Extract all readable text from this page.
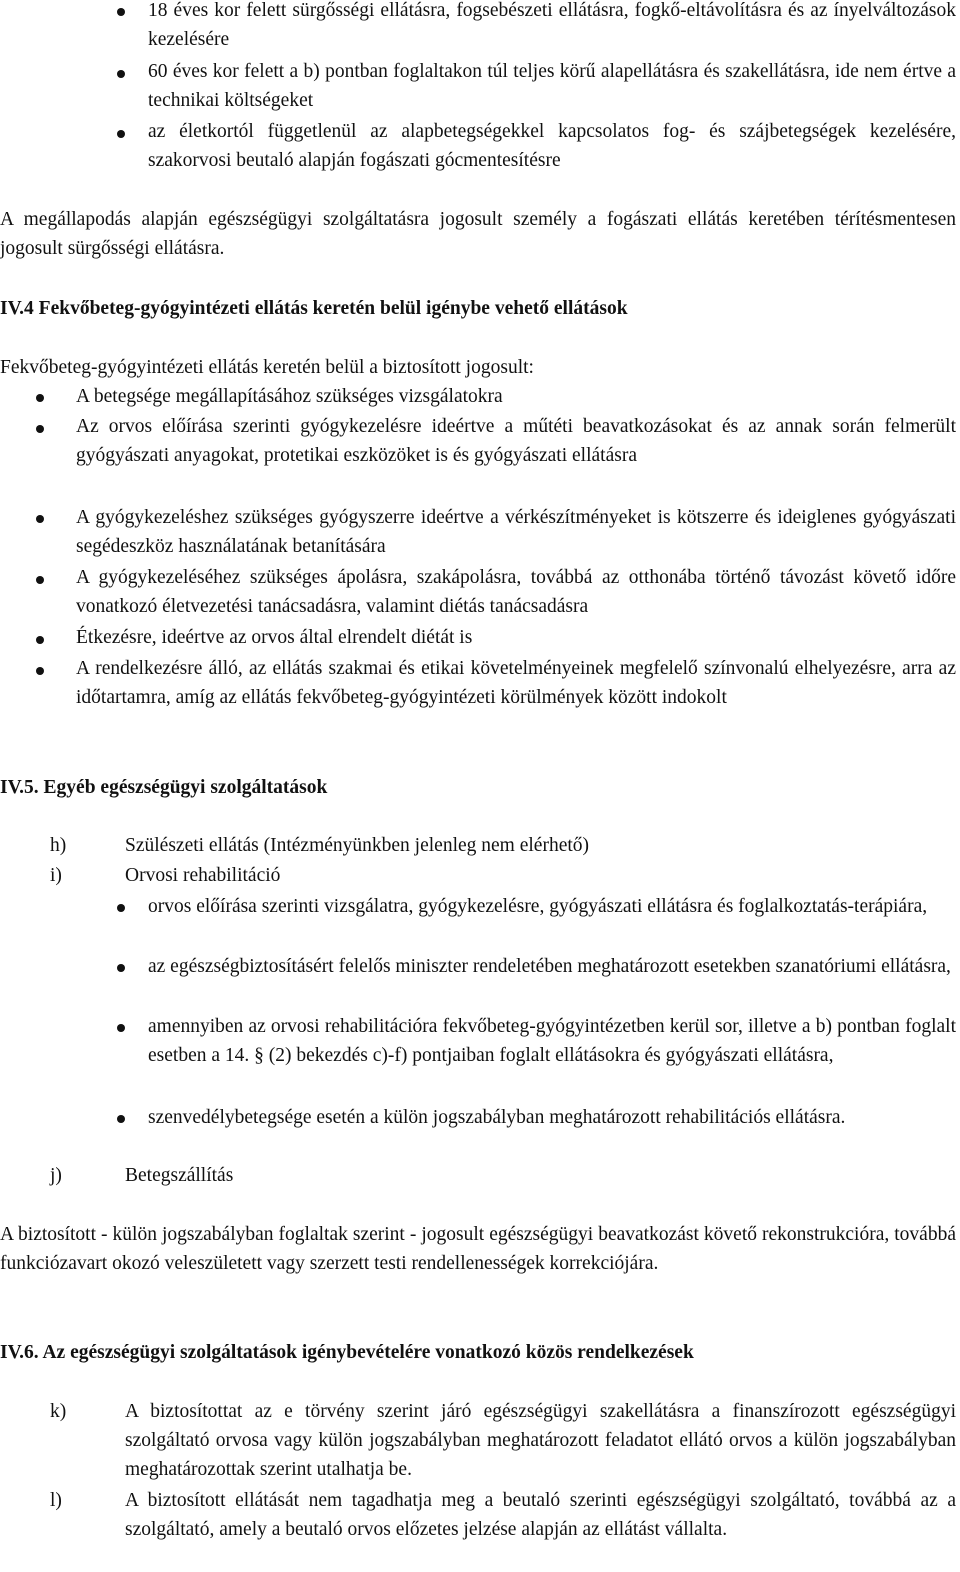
18 éves kor felett sürgősségi ellátásra, fogsebészeti ellátásra, fogkő-eltávolításra és az ínyelváltozások kezelésére
60 éves kor felett a b) pontban foglaltakon túl teljes körű alapellátásra és szakellátásra, ide nem értve a technikai költségeket
az életkortól függetlenül az alapbetegségekkel kapcsolatos fog- és szájbetegségek kezelésére, szakorvosi beutaló alapján fogászati gócmentesítésre
A megállapodás alapján egészségügyi szolgáltatásra jogosult személy a fogászati ellátás keretében térítésmentesen jogosult sürgősségi ellátásra.
IV.4 Fekvőbeteg-gyógyintézeti ellátás keretén belül igénybe vehető ellátások
Fekvőbeteg-gyógyintézeti ellátás keretén belül a biztosított jogosult:
A betegsége megállapításához szükséges vizsgálatokra
Az orvos előírása szerinti gyógykezelésre ideértve a műtéti beavatkozásokat és az annak során felmerült gyógyászati anyagokat, protetikai eszközöket is és gyógyászati ellátásra
A gyógykezeléshez szükséges gyógyszerre ideértve a vérkészítményeket is kötszerre és ideiglenes gyógyászati segédeszköz használatának betanítására
A gyógykezeléséhez szükséges ápolásra, szakápolásra, továbbá az otthonába történő távozást követő időre vonatkozó életvezetési tanácsadásra, valamint diétás tanácsadásra
Étkezésre, ideértve az orvos által elrendelt diétát is
A rendelkezésre álló, az ellátás szakmai és etikai követelményeinek megfelelő színvonalú elhelyezésre, arra az időtartamra, amíg az ellátás fekvőbeteg-gyógyintézeti körülmények között indokolt
IV.5. Egyéb egészségügyi szolgáltatások
h)	Szülészeti ellátás (Intézményünkben jelenleg nem elérhető)
i)	Orvosi rehabilitáció
orvos előírása szerinti vizsgálatra, gyógykezelésre, gyógyászati ellátásra és foglalkoztatás-terápiára,
az egészségbiztosításért felelős miniszter rendeletében meghatározott esetekben szanatóriumi ellátásra,
amennyiben az orvosi rehabilitációra fekvőbeteg-gyógyintézetben kerül sor, illetve a b) pontban foglalt esetben a 14. § (2) bekezdés c)-f) pontjaiban foglalt ellátásokra és gyógyászati ellátásra,
szenvedélybetegsége esetén a külön jogszabályban meghatározott rehabilitációs ellátásra.
j)	Betegszállítás
A biztosított - külön jogszabályban foglaltak szerint - jogosult egészségügyi beavatkozást követő rekonstrukcióra, továbbá funkciózavart okozó veleszületett vagy szerzett testi rendellenességek korrekciójára.
IV.6. Az egészségügyi szolgáltatások igénybevételére vonatkozó közös rendelkezések
k)	A biztosítottat az e törvény szerint járó egészségügyi szakellátásra a finanszírozott egészségügyi szolgáltató orvosa vagy külön jogszabályban meghatározott feladatot ellátó orvos a külön jogszabályban meghatározottak szerint utalhatja be.
l)	A biztosított ellátását nem tagadhatja meg a beutaló szerinti egészségügyi szolgáltató, továbbá az a szolgáltató, amely a beutaló orvos előzetes jelzése alapján az ellátást vállalta.
